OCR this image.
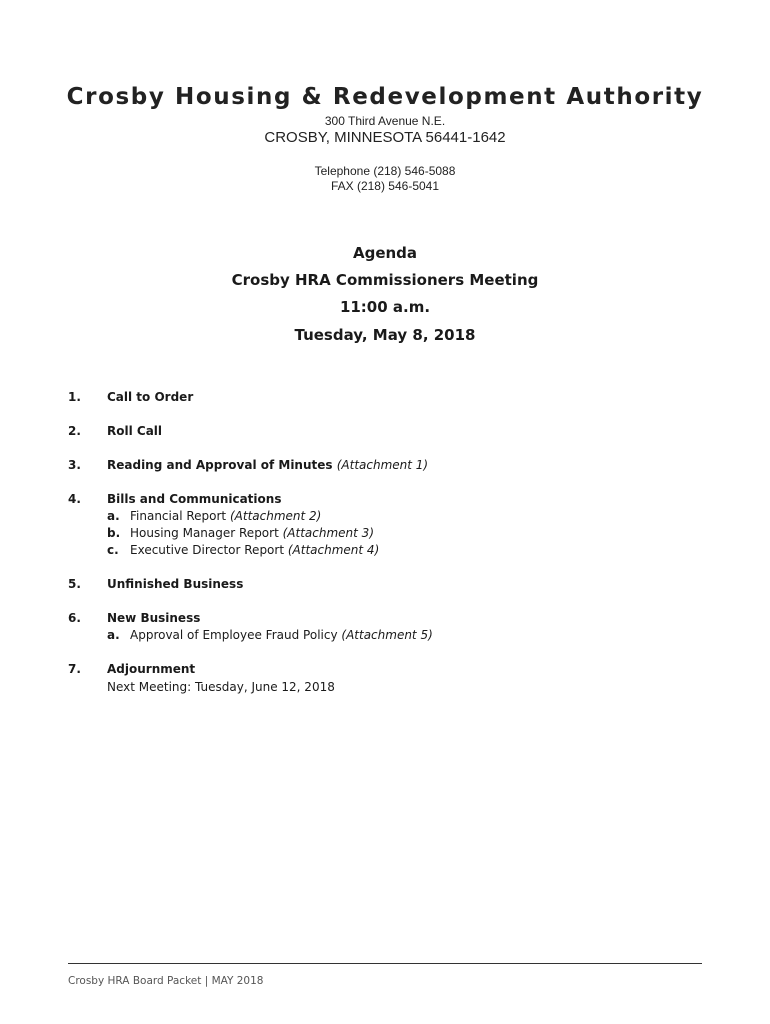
Crosby Housing & Redevelopment Authority
300 Third Avenue N.E.
CROSBY, MINNESOTA 56441-1642
Telephone (218) 546-5088
FAX (218) 546-5041
Agenda
Crosby HRA Commissioners Meeting
11:00 a.m.
Tuesday, May 8, 2018
1. Call to Order
2. Roll Call
3. Reading and Approval of Minutes (Attachment 1)
4. Bills and Communications
a. Financial Report (Attachment 2)
b. Housing Manager Report (Attachment 3)
c. Executive Director Report (Attachment 4)
5. Unfinished Business
6. New Business
a. Approval of Employee Fraud Policy (Attachment 5)
7. Adjournment
Next Meeting: Tuesday, June 12, 2018
Crosby HRA Board Packet | MAY 2018
